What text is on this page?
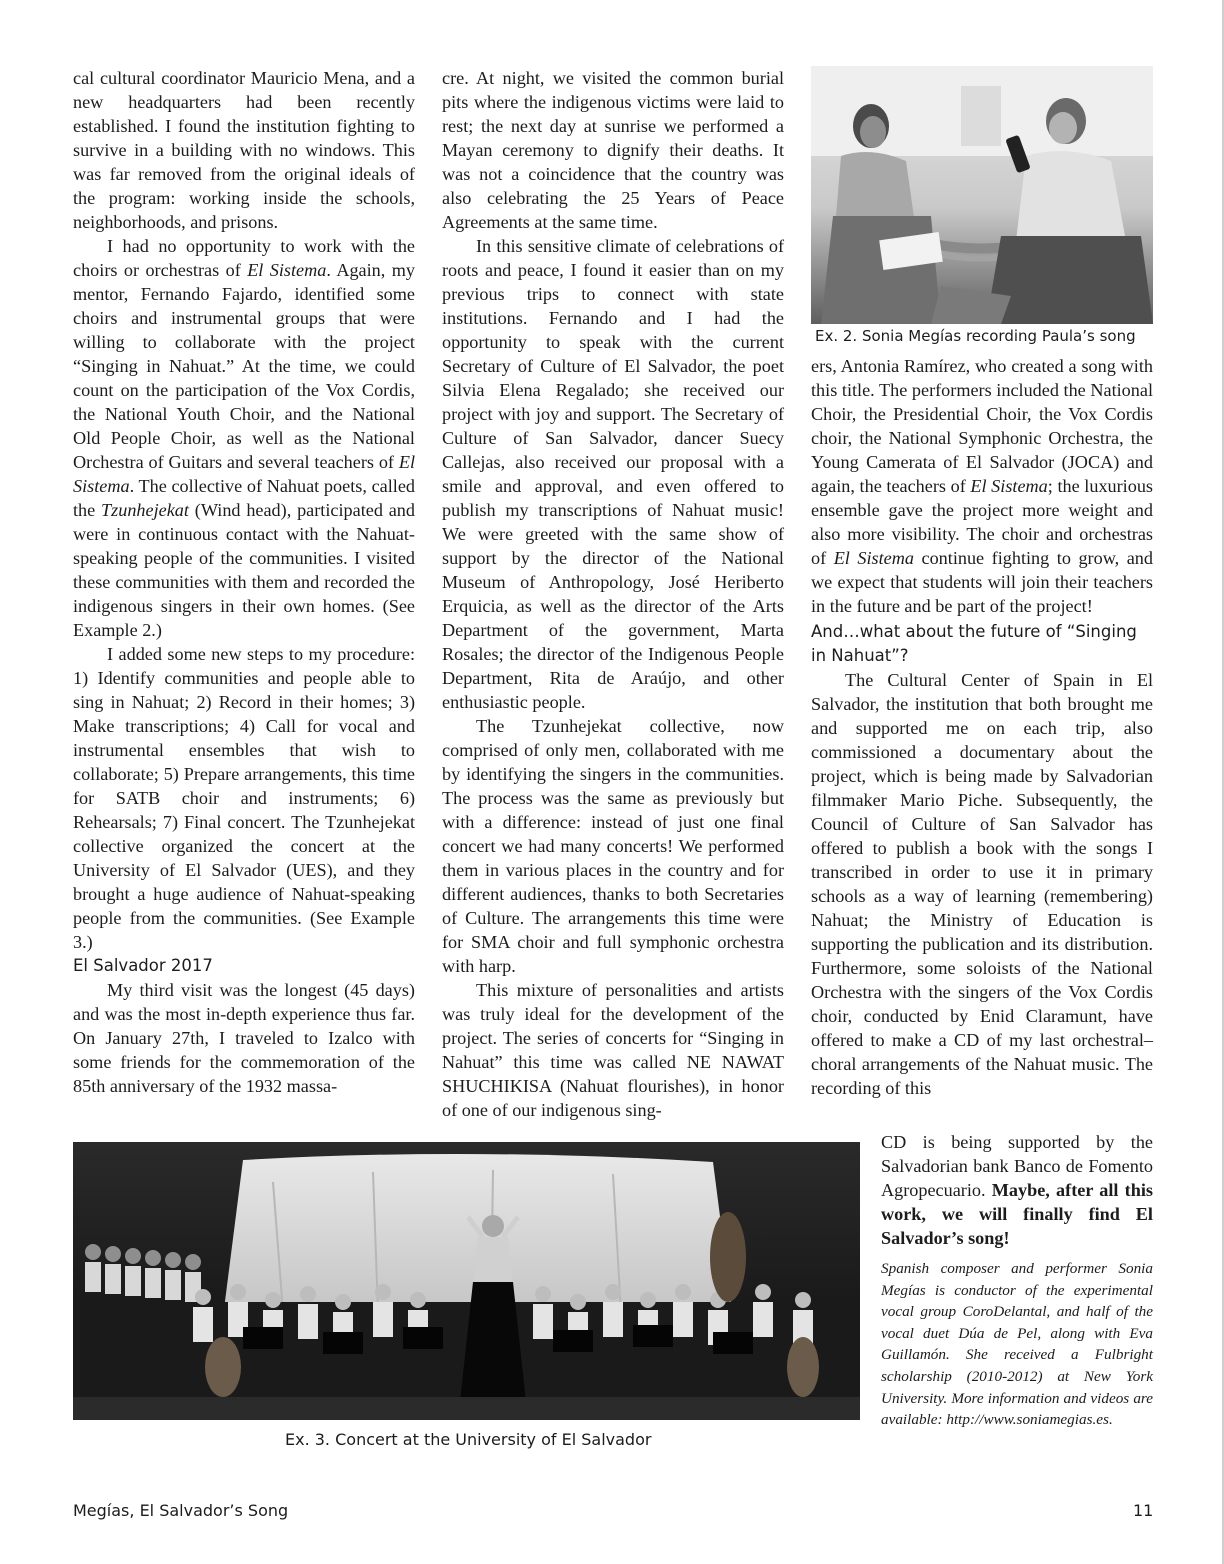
cal cultural coordinator Mauricio Mena, and a new headquarters had been recently established. I found the institution fighting to survive in a building with no windows. This was far removed from the original ideals of the program: working inside the schools, neighborhoods, and prisons.

I had no opportunity to work with the choirs or orchestras of El Sistema. Again, my mentor, Fernando Fajardo, identified some choirs and instrumental groups that were willing to collaborate with the project “Singing in Nahuat.” At the time, we could count on the participation of the Vox Cordis, the National Youth Choir, and the National Old People Choir, as well as the National Orchestra of Guitars and several teachers of El Sistema. The collective of Nahuat poets, called the Tzunhejekat (Wind head), participated and were in continuous contact with the Nahuat-speaking people of the communities. I visited these communities with them and recorded the indigenous singers in their own homes. (See Example 2.)

I added some new steps to my procedure: 1) Identify communities and people able to sing in Nahuat; 2) Record in their homes; 3) Make transcriptions; 4) Call for vocal and instrumental ensembles that wish to collaborate; 5) Prepare arrangements, this time for SATB choir and instruments; 6) Rehearsals; 7) Final concert. The Tzunhejekat collective organized the concert at the University of El Salvador (UES), and they brought a huge audience of Nahuat-speaking people from the communities. (See Example 3.)

El Salvador 2017

My third visit was the longest (45 days) and was the most in-depth experience thus far. On January 27th, I traveled to Izalco with some friends for the commemoration of the 85th anniversary of the 1932 massa-

cre. At night, we visited the common burial pits where the indigenous victims were laid to rest; the next day at sunrise we performed a Mayan ceremony to dignify their deaths. It was not a coincidence that the country was also celebrating the 25 Years of Peace Agreements at the same time.

In this sensitive climate of celebrations of roots and peace, I found it easier than on my previous trips to connect with state institutions. Fernando and I had the opportunity to speak with the current Secretary of Culture of El Salvador, the poet Silvia Elena Regalado; she received our project with joy and support. The Secretary of Culture of San Salvador, dancer Suecy Callejas, also received our proposal with a smile and approval, and even offered to publish my transcriptions of Nahuat music! We were greeted with the same show of support by the director of the National Museum of Anthropology, José Heriberto Erquicia, as well as the director of the Arts Department of the government, Marta Rosales; the director of the Indigenous People Department, Rita de Araújo, and other enthusiastic people.

The Tzunhejekat collective, now comprised of only men, collaborated with me by identifying the singers in the communities. The process was the same as previously but with a difference: instead of just one final concert we had many concerts! We performed them in various places in the country and for different audiences, thanks to both Secretaries of Culture. The arrangements this time were for SMA choir and full symphonic orchestra with harp.

This mixture of personalities and artists was truly ideal for the development of the project. The series of concerts for “Singing in Nahuat” this time was called NE NAWAT SHUCHIKISA (Nahuat flourishes), in honor of one of our indigenous sing-

Ex. 2. Sonia Megías recording Paula’s song

ers, Antonia Ramírez, who created a song with this title. The performers included the National Choir, the Presidential Choir, the Vox Cordis choir, the National Symphonic Orchestra, the Young Camerata of El Salvador (JOCA) and again, the teachers of El Sistema; the luxurious ensemble gave the project more weight and also more visibility. The choir and orchestras of El Sistema continue fighting to grow, and we expect that students will join their teachers in the future and be part of the project!

And…what about the future of “Singing in Nahuat”?

The Cultural Center of Spain in El Salvador, the institution that both brought me and supported me on each trip, also commissioned a documentary about the project, which is being made by Salvadorian filmmaker Mario Piche. Subsequently, the Council of Culture of San Salvador has offered to publish a book with the songs I transcribed in order to use it in primary schools as a way of learning (remembering) Nahuat; the Ministry of Education is supporting the publication and its distribution. Furthermore, some soloists of the National Orchestra with the singers of the Vox Cordis choir, conducted by Enid Claramunt, have offered to make a CD of my last orchestral–choral arrangements of the Nahuat music. The recording of this

CD is being supported by the Salvadorian bank Banco de Fomento Agropecuario. Maybe, after all this work, we will finally find El Salvador’s song!

Spanish composer and performer Sonia Megías is conductor of the experimental vocal group CoroDelantal, and half of the vocal duet Dúa de Pel, along with Eva Guillamón. She received a Fulbright scholarship (2010-2012) at New York University. More information and videos are available: http://www.soniamegias.es.

Ex. 3. Concert at the University of El Salvador
Megías, El Salvador’s Song	11
